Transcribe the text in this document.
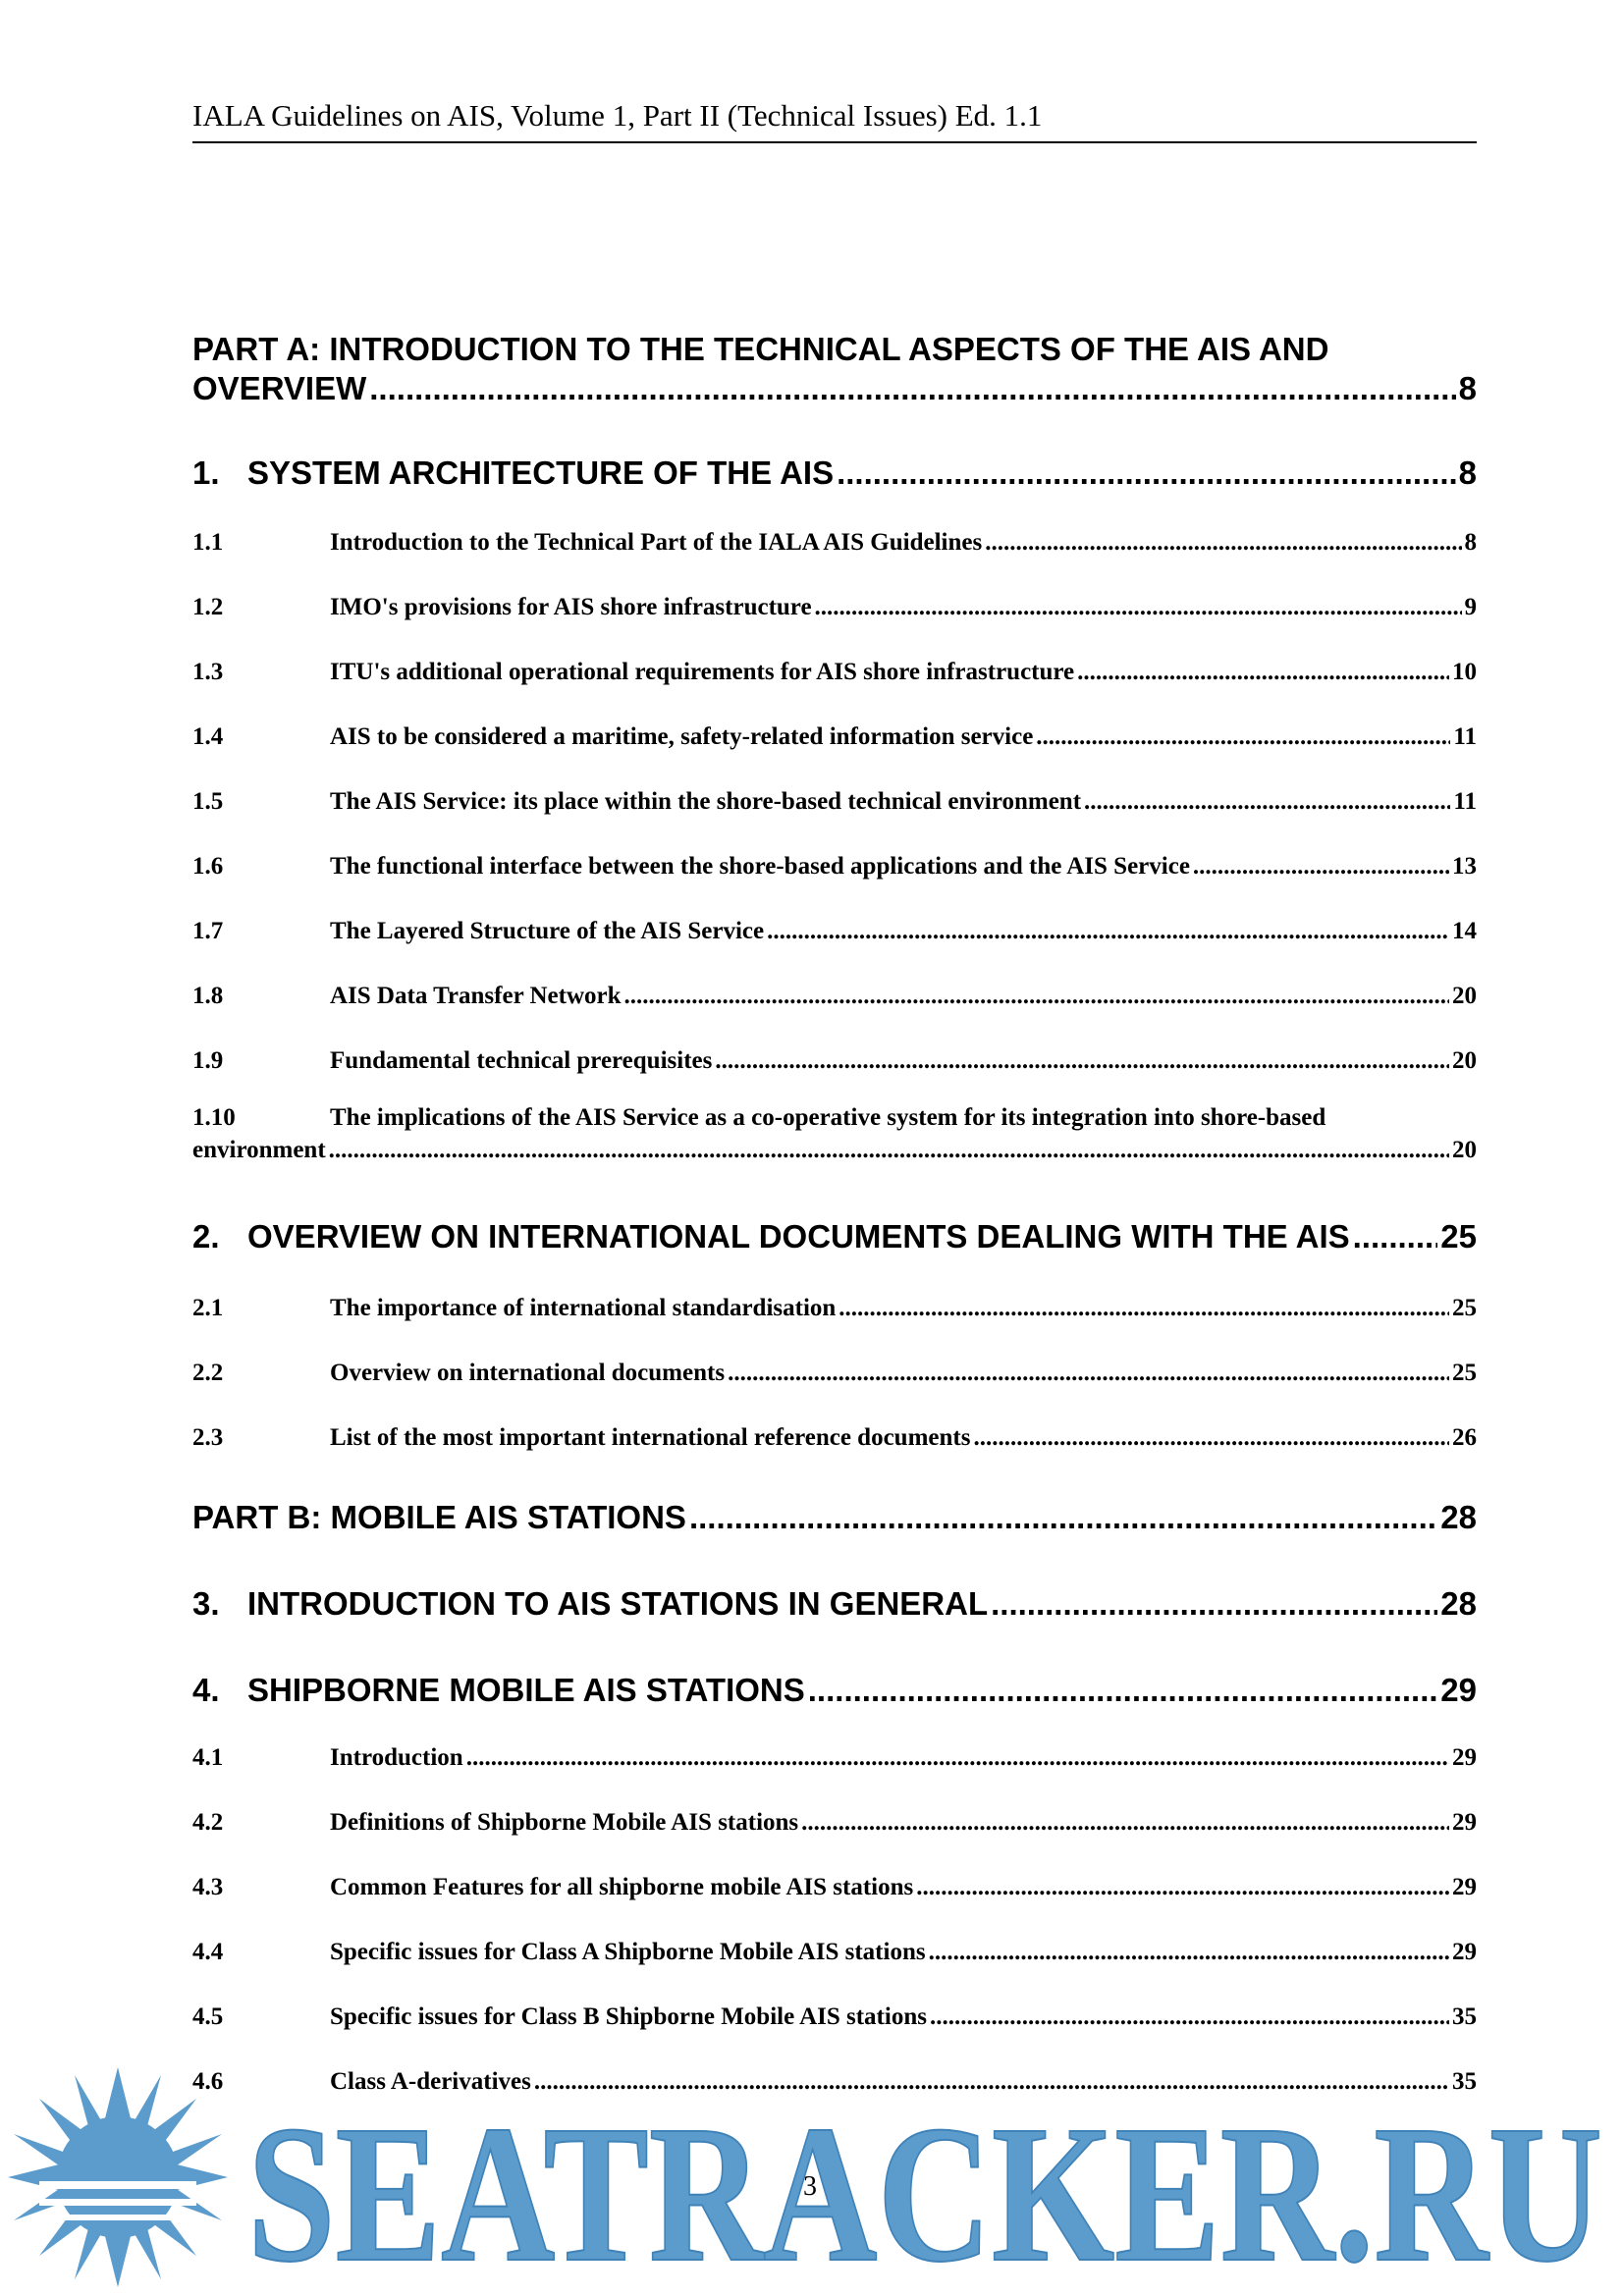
IALA Guidelines on AIS, Volume 1, Part II (Technical Issues) Ed. 1.1
PART A: INTRODUCTION TO THE TECHNICAL ASPECTS OF THE AIS AND
OVERVIEW .....	8
1. SYSTEM ARCHITECTURE OF THE AIS .....	8
1.1	Introduction to the Technical Part of the IALA AIS Guidelines .....	8
1.2	IMO's provisions for AIS shore infrastructure .....	9
1.3	ITU's additional operational requirements for AIS shore infrastructure .....	10
1.4	AIS to be considered a maritime, safety-related information service .....	11
1.5	The AIS Service: its place within the shore-based technical environment .....	11
1.6	The functional interface between the shore-based applications and the AIS Service .....	13
1.7	The Layered Structure of the AIS Service .....	14
1.8	AIS Data Transfer Network .....	20
1.9	Fundamental technical prerequisites .....	20
1.10	The implications of the AIS Service as a co-operative system for its integration into shore-based
environment .....	20
2. OVERVIEW ON INTERNATIONAL DOCUMENTS DEALING WITH THE AIS .....	25
2.1	The importance of international standardisation .....	25
2.2	Overview on international documents .....	25
2.3	List of the most important international reference documents .....	26
PART B: MOBILE AIS STATIONS .....	28
3. INTRODUCTION TO AIS STATIONS IN GENERAL .....	28
4. SHIPBORNE MOBILE AIS STATIONS .....	29
4.1	Introduction .....	29
4.2	Definitions of Shipborne Mobile AIS stations .....	29
4.3	Common Features for all shipborne mobile AIS stations .....	29
4.4	Specific issues for Class A Shipborne Mobile AIS stations .....	29
4.5	Specific issues for Class B Shipborne Mobile AIS stations .....	35
4.6	Class A-derivatives .....	35
SEATRACKER.RU
3
